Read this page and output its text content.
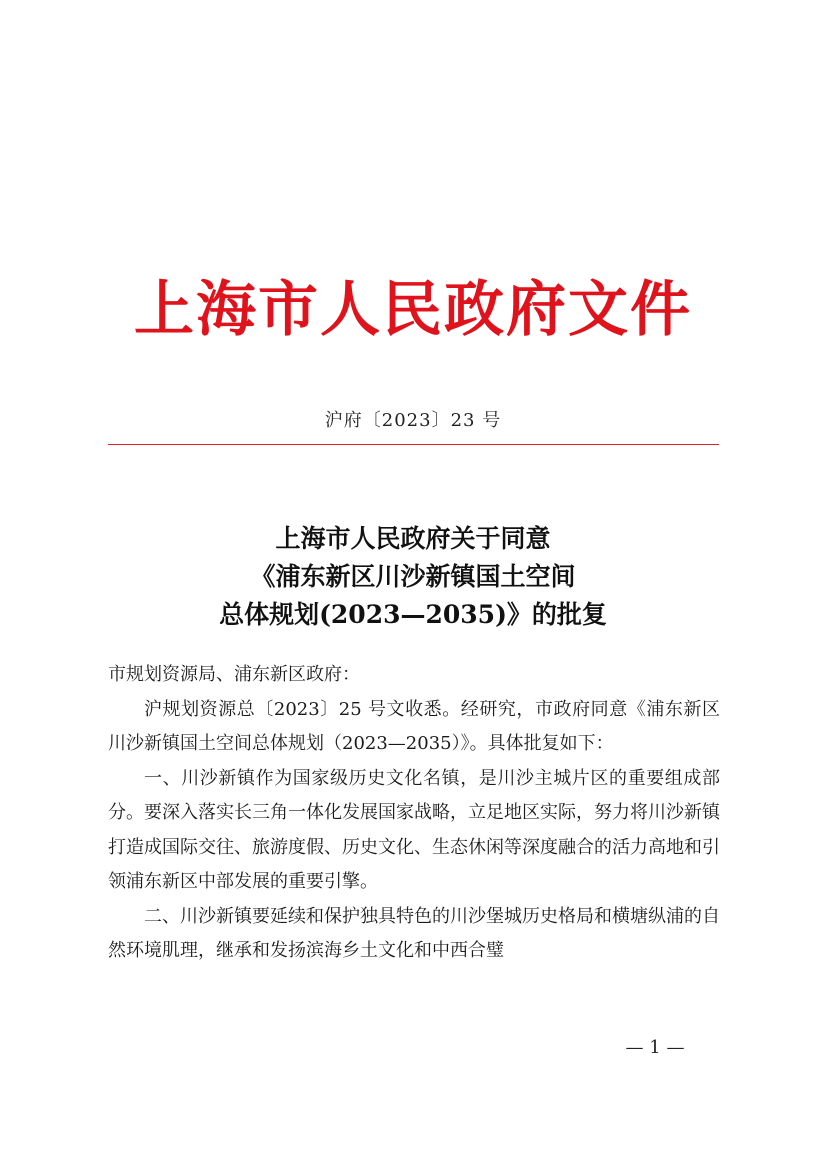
上海市人民政府文件
沪府〔2023〕23 号
上海市人民政府关于同意
《浦东新区川沙新镇国土空间
总体规划(2023—2035)》的批复

市规划资源局、浦东新区政府：

沪规划资源总〔2023〕25 号文收悉。经研究，市政府同意《浦东新区川沙新镇国土空间总体规划（2023—2035）》。具体批复如下：

一、川沙新镇作为国家级历史文化名镇，是川沙主城片区的重要组成部分。要深入落实长三角一体化发展国家战略，立足地区实际，努力将川沙新镇打造成国际交往、旅游度假、历史文化、生态休闲等深度融合的活力高地和引领浦东新区中部发展的重要引擎。

二、川沙新镇要延续和保护独具特色的川沙堡城历史格局和横塘纵浦的自然环境肌理，继承和发扬滨海乡土文化和中西合璧

— 1 —
